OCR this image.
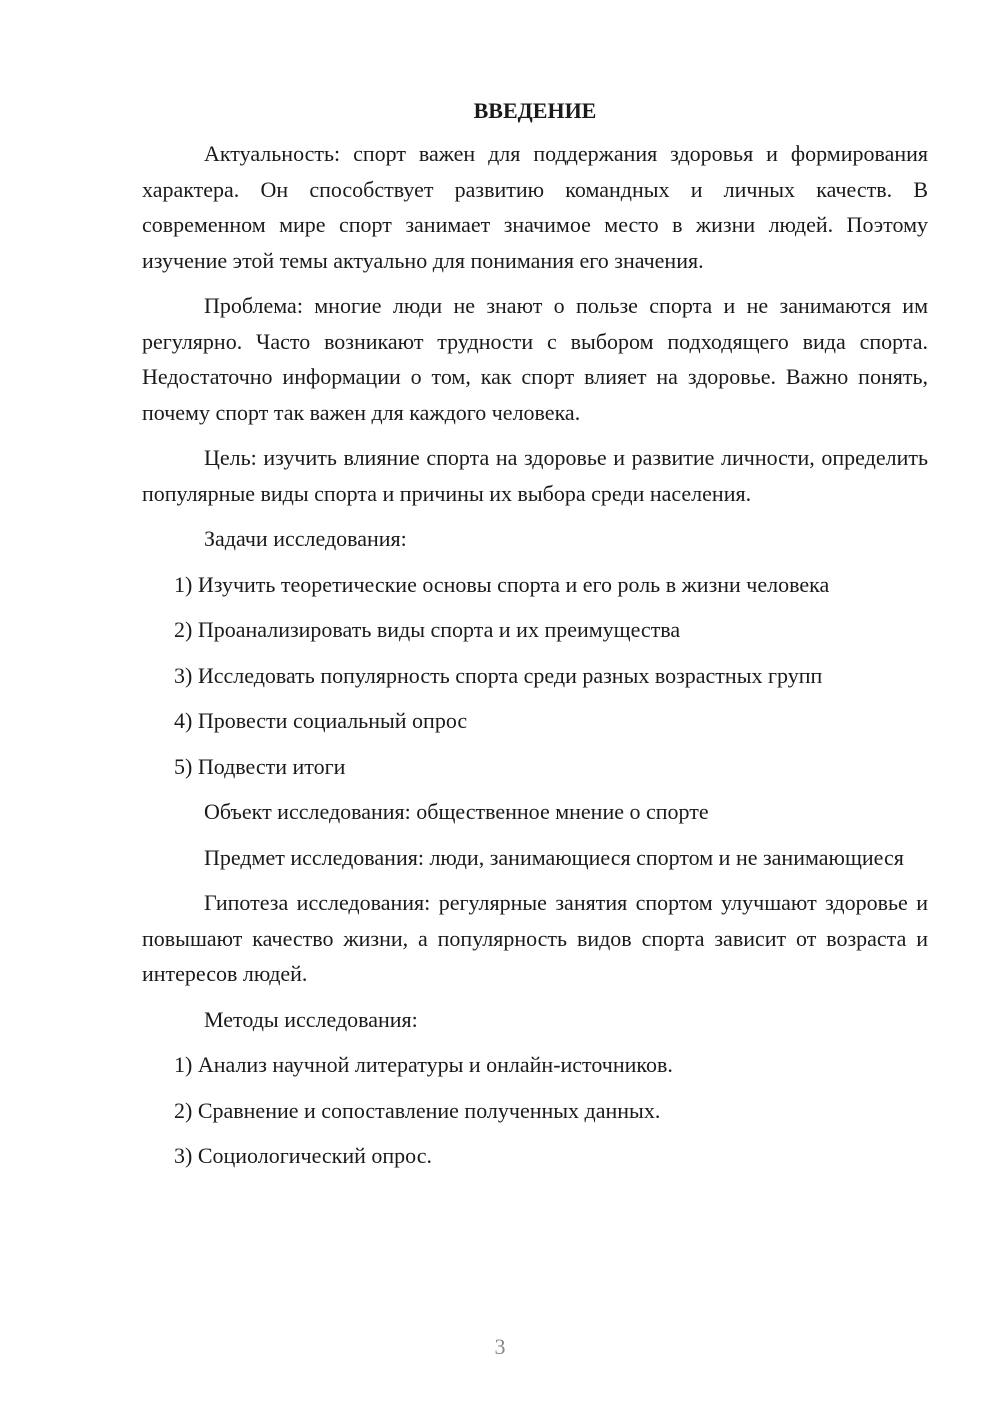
ВВЕДЕНИЕ
Актуальность: спорт важен для поддержания здоровья и формирования характера. Он способствует развитию командных и личных качеств. В современном мире спорт занимает значимое место в жизни людей. Поэтому изучение этой темы актуально для понимания его значения.
Проблема: многие люди не знают о пользе спорта и не занимаются им регулярно. Часто возникают трудности с выбором подходящего вида спорта. Недостаточно информации о том, как спорт влияет на здоровье. Важно понять, почему спорт так важен для каждого человека.
Цель: изучить влияние спорта на здоровье и развитие личности, определить популярные виды спорта и причины их выбора среди населения.
Задачи исследования:
1) Изучить теоретические основы спорта и его роль в жизни человека
2) Проанализировать виды спорта и их преимущества
3) Исследовать популярность спорта среди разных возрастных групп
4) Провести социальный опрос
5) Подвести итоги
Объект исследования: общественное мнение о спорте
Предмет исследования: люди, занимающиеся спортом и не занимающиеся
Гипотеза исследования: регулярные занятия спортом улучшают здоровье и повышают качество жизни, а популярность видов спорта зависит от возраста и интересов людей.
Методы исследования:
1) Анализ научной литературы и онлайн-источников.
2) Сравнение и сопоставление полученных данных.
3) Социологический опрос.
3
